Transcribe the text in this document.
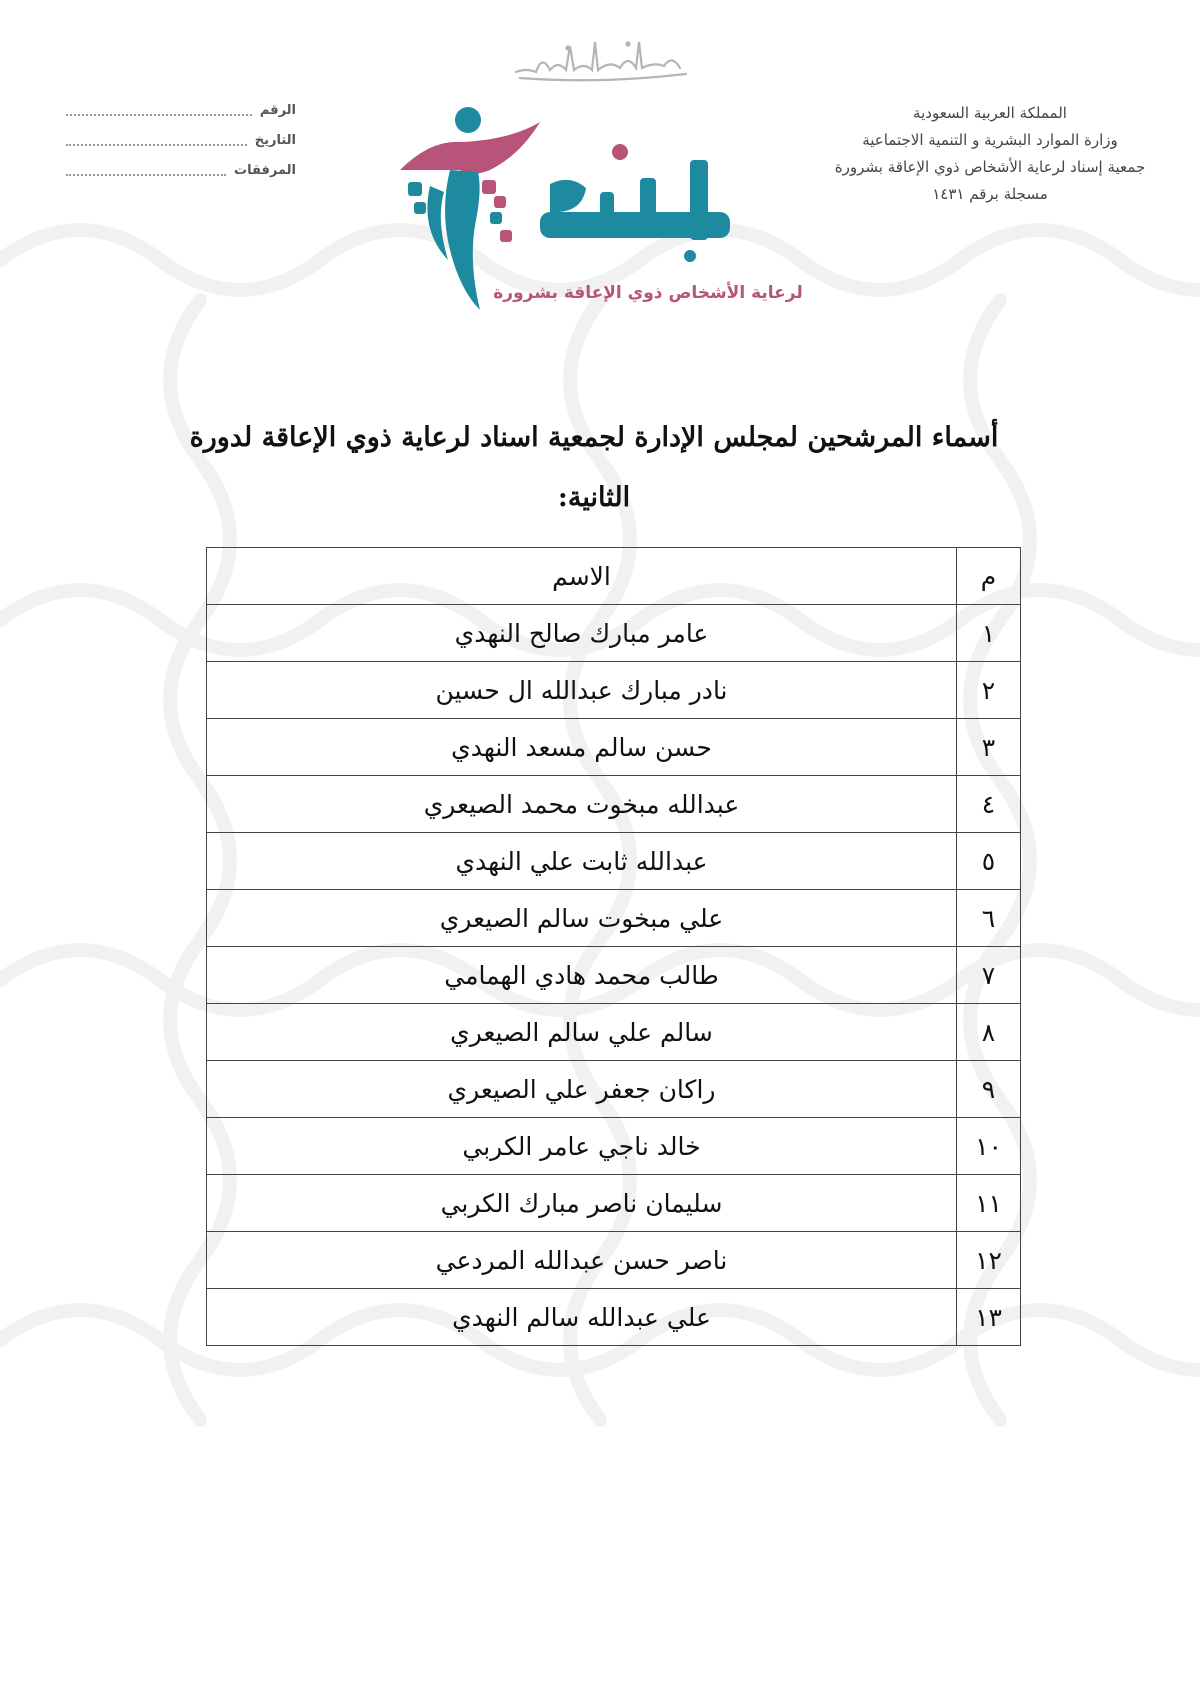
المملكة العربية السعودية
وزارة الموارد البشرية و التنمية الاجتماعية
جمعية إسناد لرعاية الأشخاص ذوي الإعاقة بشرورة
مسجلة برقم ١٤٣١
الرقم
التاريخ
المرفقات
لرعاية الأشخاص ذوي الإعاقة بشرورة
أسماء المرشحين لمجلس الإدارة لجمعية اسناد لرعاية ذوي الإعاقة لدورة الثانية:
م	الاسم
١	عامر مبارك صالح النهدي
٢	نادر مبارك عبدالله ال حسين
٣	حسن سالم مسعد النهدي
٤	عبدالله مبخوت محمد الصيعري
٥	عبدالله ثابت علي النهدي
٦	علي مبخوت سالم الصيعري
٧	طالب محمد هادي الهمامي
٨	سالم علي سالم الصيعري
٩	راكان جعفر علي الصيعري
١٠	خالد ناجي عامر الكربي
١١	سليمان ناصر مبارك الكربي
١٢	ناصر حسن عبدالله المردعي
١٣	علي عبدالله سالم النهدي
